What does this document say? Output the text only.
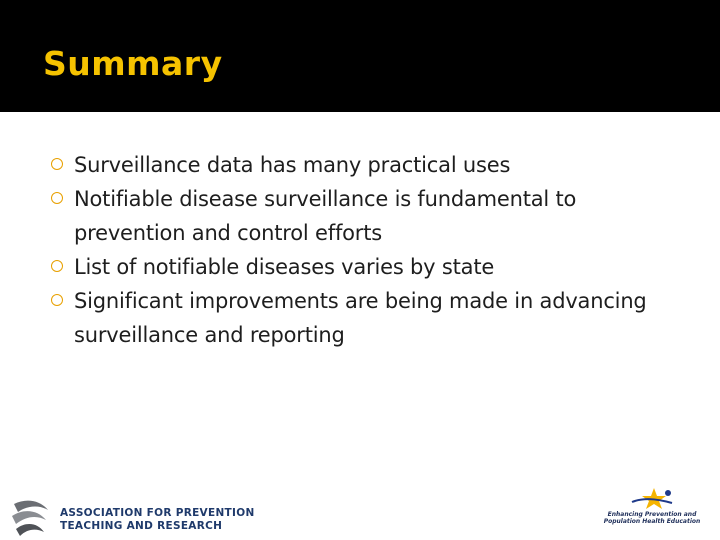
Summary
Surveillance data has many practical uses
Notifiable disease surveillance is fundamental to prevention and control efforts
List of notifiable diseases varies by state
Significant improvements are being made in advancing surveillance and reporting
ASSOCIATION FOR PREVENTION
TEACHING AND RESEARCH
Enhancing Prevention and
Population Health Education
